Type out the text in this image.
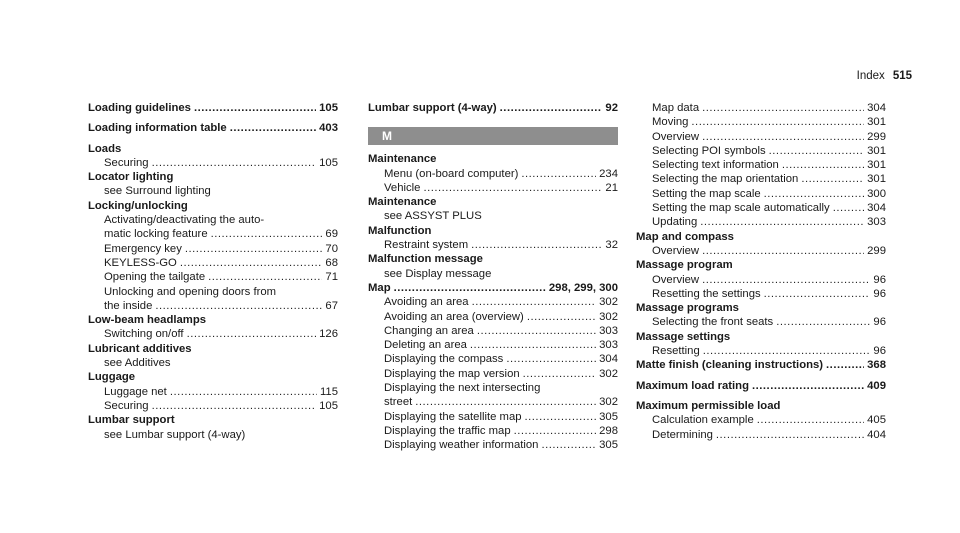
Index 515
Loading guidelines .....	105
Loading information table .....	403
Loads
Securing .....	105
Locator lighting
see Surround lighting
Locking/unlocking
Activating/deactivating the auto-
matic locking feature .....	69
Emergency key .....	70
KEYLESS-GO .....	68
Opening the tailgate .....	71
Unlocking and opening doors from
the inside .....	67
Low-beam headlamps
Switching on/off .....	126
Lubricant additives
see Additives
Luggage
Luggage net .....	115
Securing .....	105
Lumbar support
see Lumbar support (4-way)
Lumbar support (4-way) .....	92
M
Maintenance
Menu (on-board computer) .....	234
Vehicle .....	21
Maintenance
see ASSYST PLUS
Malfunction
Restraint system .....	32
Malfunction message
see Display message
Map .....	298, 299, 300
Avoiding an area .....	302
Avoiding an area (overview) .....	302
Changing an area .....	303
Deleting an area .....	303
Displaying the compass .....	304
Displaying the map version .....	302
Displaying the next intersecting
street .....	302
Displaying the satellite map .....	305
Displaying the traffic map .....	298
Displaying weather information .....	305
Map data .....	304
Moving .....	301
Overview .....	299
Selecting POI symbols .....	301
Selecting text information .....	301
Selecting the map orientation .....	301
Setting the map scale .....	300
Setting the map scale automatically .....	304
Updating .....	303
Map and compass
Overview .....	299
Massage program
Overview .....	96
Resetting the settings .....	96
Massage programs
Selecting the front seats .....	96
Massage settings
Resetting .....	96
Matte finish (cleaning instructions) .....	368
Maximum load rating .....	409
Maximum permissible load
Calculation example .....	405
Determining .....	404
